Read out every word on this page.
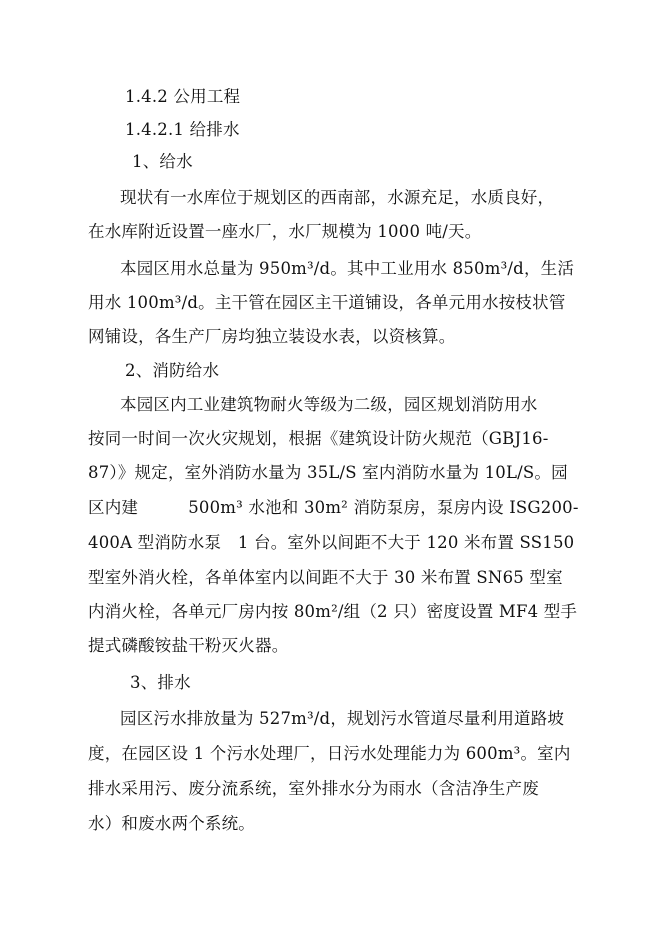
1.4.2 公用工程
1.4.2.1 给排水
1、给水
现状有一水库位于规划区的西南部，水源充足，水质良好，
在水库附近设置一座水厂，水厂规模为 1000 吨/天。
本园区用水总量为 950m³/d。其中工业用水 850m³/d，生活
用水 100m³/d。主干管在园区主干道铺设，各单元用水按枝状管
网铺设，各生产厂房均独立装设水表，以资核算。
2、消防给水
本园区内工业建筑物耐火等级为二级，园区规划消防用水
按同一时间一次火灾规划，根据《建筑设计防火规范（GBJ16-
87）》规定，室外消防水量为 35L/S 室内消防水量为 10L/S。园
区内建　　　500m³ 水池和 30m² 消防泵房，泵房内设 ISG200-
400A 型消防水泵　1 台。室外以间距不大于 120 米布置 SS150
型室外消火栓，各单体室内以间距不大于 30 米布置 SN65 型室
内消火栓，各单元厂房内按 80m²/组（2 只）密度设置 MF4 型手
提式磷酸铵盐干粉灭火器。
3、排水
园区污水排放量为 527m³/d，规划污水管道尽量利用道路坡
度，在园区设 1 个污水处理厂，日污水处理能力为 600m³。室内
排水采用污、废分流系统，室外排水分为雨水（含洁净生产废
水）和废水两个系统。
